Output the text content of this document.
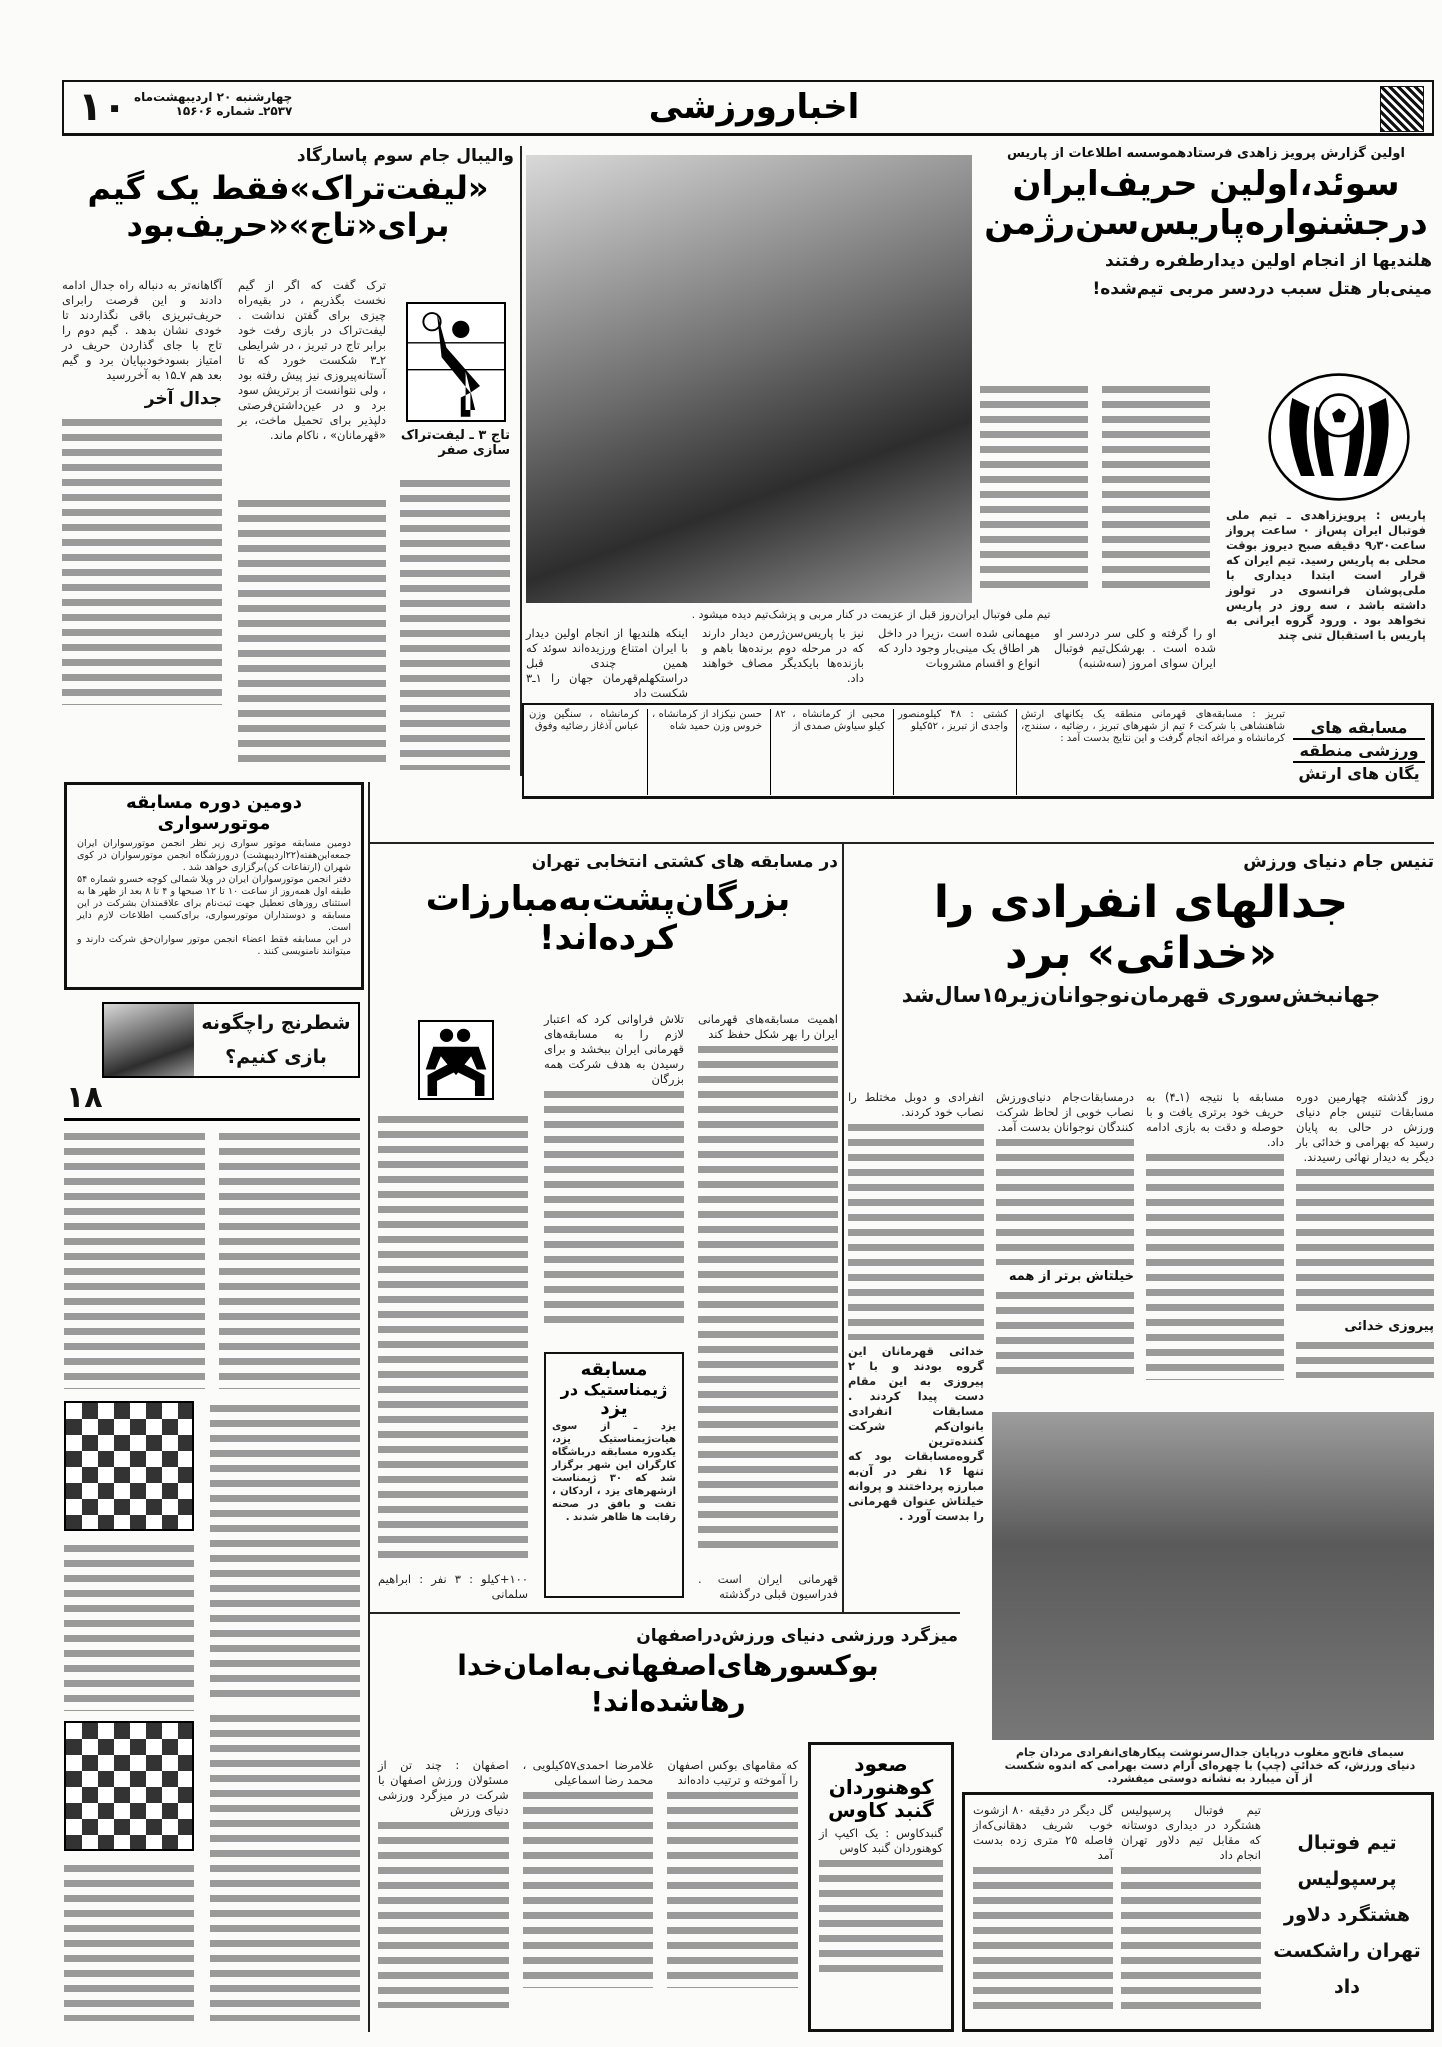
اخبارورزشی
۱۰ چهارشنبه ۲۰ اردیبهشت‌ماه
۲۵۳۷ـ شماره ۱۵۶۰۶
اولین گزارش پرویز زاهدی فرستادهموسسه اطلاعات از پاریس
سوئد،اولین حریف‌ایران
درجشنواره‌پاریس‌سن‌رژمن
هلندیها از انجام اولین دیدارطفره رفتند
مینی‌بار هتل سبب دردسر مربی تیم‌شده!
پاریس : پرویززاهدی ـ تیم ملی فوتبال ایران پس‌از ۰ ساعت پرواز ساعت۹٫۳۰ دقیقه صبح دیروز بوقت محلی به پاریس رسید. تیم ایران که قرار است ابتدا دیداری با ملی‌پوشان فرانسوی در تولوز داشته باشد ، سه روز در پاریس نخواهد بود . ورود گروه ایرانی به پاریس با استقبال تنی چند
تیم ملی فوتبال ایران‌روز قبل از عزیمت در کنار مربی و پزشک‌تیم دیده میشود .
او را گرفته و کلی سر دردسر او شده است . بهرشکل‌تیم فوتبال ایران سوای امروز (سه‌شنبه)
میهمانی شده است ،زیرا در داخل هر اطاق یک مینی‌بار وجود دارد که انواع و اقسام مشروبات
نیز با پاریس‌سن‌ژرمن دیدار دارند که در مرحله دوم برنده‌ها باهم و بازنده‌ها بایکدیگر مصاف خواهند داد.
اینکه هلندیها از انجام اولین دیدار با ایران امتناع ورزیده‌اند سوئد که همین چندی قبل دراستکهلم‌قهرمان جهان را ۱ـ۳ شکست داد
والیبال جام سوم پاسارگاد
«لیفت‌تراک»فقط یک گیم
برای«تاج»«حریف‌بود
تاج ۳ ـ لیفت‌تراک سازی صفر
ترک گفت که اگر از گیم نخست بگذریم ، در بقیه‌راه چیزی برای گفتن نداشت . لیفت‌تراک در بازی رفت خود برابر تاج در تبریز ، در شرایطی ۲ـ۳ شکست خورد که تا آستانه‌پیروزی نیز پیش رفته بود ، ولی نتوانست از برتریش سود برد و در عین‌داشتن‌فرصتی دلپذیر برای تحمیل ماخت، بر «قهرمانان» ، ناکام ماند.
آگاهانه‌تر به دنباله راه جدال ادامه دادند و این فرصت رابرای حریف‌تبریزی باقی نگذاردند تا خودی نشان بدهد . گیم دوم را تاج با جای گذاردن حریف در امتیاز بسودخودبپایان برد و گیم بعد هم ۷ـ۱۵ به آخررسید
جدال آخر
مسابقه های
ورزشی منطقه
یگان های ارتش
تبریز : مسابقه‌های قهرمانی منطقه یک یکانهای ارتش شاهنشاهی با شرکت ۶ تیم از شهرهای تبریز ، رضائیه ، سنندج، کرمانشاه و مراغه انجام گرفت و این نتایج بدست آمد :
کشتی : ۴۸ کیلومنصور واجدی از تبریز ، ۵۲کیلو
محبی از کرمانشاه ، ۸۲ کیلو سیاوش صمدی از
حسن نیکزاد از کرمانشاه ، خروس وزن حمید شاه
کرمانشاه ، سنگین وزن عباس آذغاز رضائیه وفوق
دومین دوره مسابقه موتورسواری
دومین مسابقه موتور سواری زیر نظر انجمن موتورسواران ایران جمعه‌این‌هفته(۲۲اردیبهشت) درورزشگاه انجمن موتورسواران در کوی شهران (ارتفاعات کن)برگزاری خواهد شد .
دفتر انجمن موتورسواران ایران در ویلا شمالی کوچه خسرو شماره ۵۴ طبقه اول همه‌روز از ساعت ۱۰ تا ۱۲ صبحها و ۴ تا ۸ بعد از ظهر ها به استثنای روزهای تعطیل جهت ثبت‌نام برای علاقمندان بشرکت در این مسابقه و دوستداران موتورسواری، برای‌کسب اطلاعات لازم دایر است.
در این مسابقه فقط اعضاء انجمن موتور سواران‌حق شرکت دارند و میتوانند نامنویسی کنند .
شطرنج راچگونه
بازی کنیم؟
۱۸
در مسابقه های کشتی انتخابی تهران
بزرگان‌پشت‌به‌مبارزات
کرده‌اند!
اهمیت مسابقه‌های قهرمانی ایران را بهر شکل حفظ کند
تلاش فراوانی کرد که اعتبار لازم را به مسابقه‌های قهرمانی ایران ببخشد و برای رسیدن به هدف شرکت همه بزرگان
۱۰۰+کیلو : ۳ نفر : ابراهیم سلمانی
قهرمانی ایران است . فدراسیون قبلی درگذشته
مسابقه
ژیمناستیک در
یزد
یزد ـ از سوی هیات‌ژیمناستیک یزد، یکدوره مسابقه درباشگاه کارگران این شهر برگزار شد که ۳۰ ژیمناست ازشهرهای یزد ، اردکان ، تفت و بافق در صحنه رقابت ها ظاهر شدند .
تنیس جام دنیای ورزش
جدالهای انفرادی را
«خدائی» برد
جهانبخش‌سوری قهرمان‌نوجوانان‌زیر۱۵سال‌شد
روز گذشته چهارمین دوره مسابقات تنیس جام دنیای ورزش در حالی به پایان رسید که بهرامی و خدائی بار دیگر به دیدار نهائی رسیدند.
پیروزی خدائی
مسابقه با نتیجه (۱ـ۴) به حریف خود برتری یافت و با حوصله و دقت به بازی ادامه داد.
درمسابقات‌جام دنیای‌ورزش نصاب خوبی از لحاظ شرکت کنندگان نوجوانان بدست آمد.
خیلتاش برتر از همه
انفرادی و دوبل مختلط را نصاب خود کردند.
خدائی قهرمانان این گروه بودند و با ۲ پیروزی به این مقام دست پیدا کردند . مسابقات انفرادی بانوان‌کم شرکت کننده‌ترین گروه‌مسابقات بود که تنها ۱۶ نفر در آن‌به مبارزه پرداختند و پروانه خیلتاش عنوان قهرمانی را بدست آورد .
سیمای فاتح‌و مغلوب درپایان جدال‌سرنوشت پیکارهای‌انفرادی مردان جام دنیای ورزش، که خدائی (چپ) با چهره‌ای آرام دست بهرامی که اندوه شکست از آن میبارد به نشانه دوستی میفشرد.
میزگرد ورزشی دنیای ورزش‌دراصفهان
بوکسورهای‌اصفهانی‌به‌امان‌خدا
رهاشده‌اند!
که مقامهای بوکس اصفهان را آموخته و ترتیب داده‌اند
غلامرضا احمدی۵۷کیلویی ، محمد رضا اسماعیلی
اصفهان : چند تن از مسئولان ورزش اصفهان با شرکت در میزگرد ورزشی دنیای ورزش
صعود
کوهنوردان
گنبد کاوس
گنبدکاوس : یک اکیپ از کوهنوردان گنبد کاوس	تیم فوتبال
پرسپولیس
هشتگرد دلاور
تهران راشکست
داد
تیم فوتبال پرسپولیس هشتگرد در دیداری دوستانه که مقابل تیم دلاور تهران انجام داد
گل دیگر در دقیقه ۸۰ ازشوت خوب شریف دهقانی‌که‌از فاصله ۲۵ متری زده بدست آمد
